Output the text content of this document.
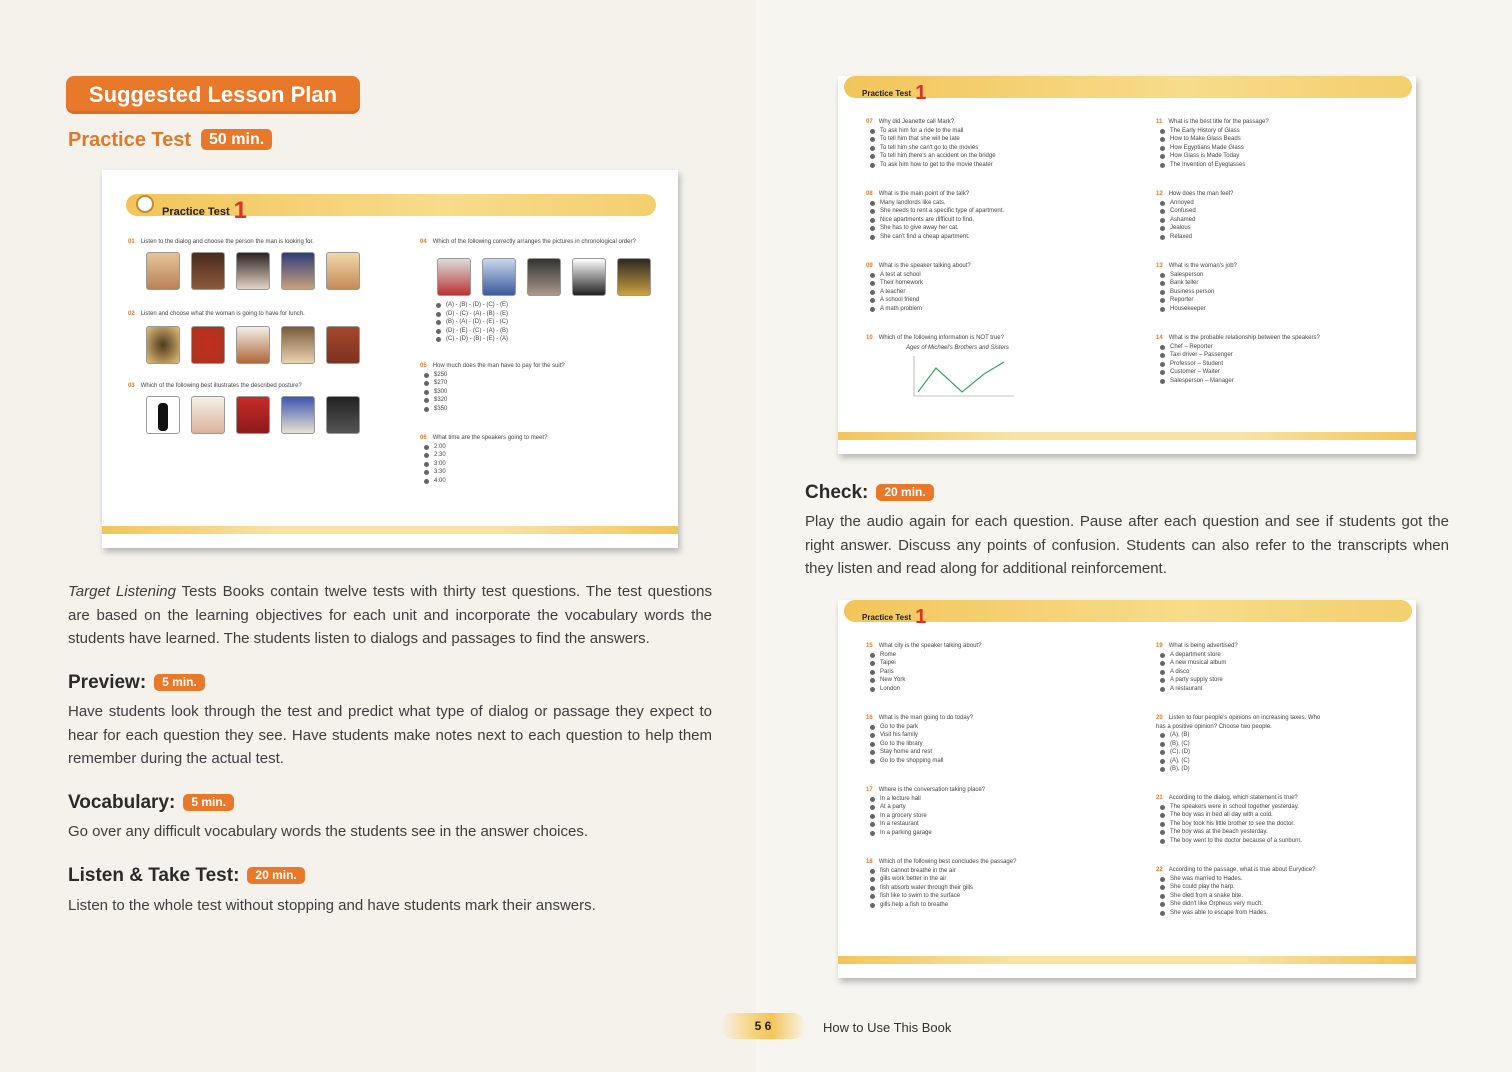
Suggested Lesson Plan
Practice Test 50 min.
Practice Test 1
01 Listen to the dialog and choose the person the man is looking for.
02 Listen and choose what the woman is going to have for lunch.
03 Which of the following best illustrates the described posture?
04 Which of the following correctly arranges the pictures in chronological order?
(A) - (B) - (D) - (C) - (E)
(D) - (C) - (A) - (B) - (E)
(B) - (A) - (D) - (E) - (C)
(D) - (E) - (C) - (A) - (B)
(C) - (D) - (B) - (E) - (A)
05 How much does the man have to pay for the suit?
$250
$270
$300
$320
$350
06 What time are the speakers going to meet?
2:00
2:30
3:00
3:30
4:00
Target Listening Tests Books contain twelve tests with thirty test questions. The test questions are based on the learning objectives for each unit and incorporate the vocabulary words the students have learned. The students listen to dialogs and passages to find the answers.
Preview: 5 min.
Have students look through the test and predict what type of dialog or passage they expect to hear for each question they see. Have students make notes next to each question to help them remember during the actual test.
Vocabulary: 5 min.
Go over any difficult vocabulary words the students see in the answer choices.
Listen & Take Test: 20 min.
Listen to the whole test without stopping and have students mark their answers.
Practice Test 1
07 Why did Jeanette call Mark?
To ask him for a ride to the mall
To tell him that she will be late
To tell him she can't go to the movies
To tell him there's an accident on the bridge
To ask him how to get to the movie theater
08 What is the main point of the talk?
Many landlords like cats.
She needs to rent a specific type of apartment.
Nice apartments are difficult to find.
She has to give away her cat.
She can't find a cheap apartment.
09 What is the speaker talking about?
A test at school
Their homework
A teacher
A school friend
A math problem
10 Which of the following information is NOT true?
Ages of Michael's Brothers and Sisters
11 What is the best title for the passage?
The Early History of Glass
How to Make Glass Beads
How Egyptians Made Glass
How Glass is Made Today
The Invention of Eyeglasses
12 How does the man feel?
Annoyed
Confused
Ashamed
Jealous
Relaxed
13 What is the woman's job?
Salesperson
Bank teller
Business person
Reporter
Housekeeper
14 What is the probable relationship between the speakers?
Chef – Reporter
Taxi driver – Passenger
Professor – Student
Customer – Waiter
Salesperson – Manager
Check: 20 min.
Play the audio again for each question. Pause after each question and see if students got the right answer. Discuss any points of confusion. Students can also refer to the transcripts when they listen and read along for additional reinforcement.
Practice Test 1
15 What city is the speaker talking about?
Rome
Taipei
Paris
New York
London
16 What is the man going to do today?
Go to the park
Visit his family
Go to the library
Stay home and rest
Go to the shopping mall
17 Where is the conversation taking place?
In a lecture hall
At a party
In a grocery store
In a restaurant
In a parking garage
18 Which of the following best concludes the passage?
fish cannot breathe in the air
gills work better in the air
fish absorb water through their gills
fish like to swim to the surface
gills help a fish to breathe
19 What is being advertised?
A department store
A new musical album
A disco
A party supply store
A restaurant
20 Listen to four people's opinions on increasing taxes. Who has a positive opinion? Choose two people.
(A), (B)
(B), (C)
(C), (D)
(A), (C)
(B), (D)
21 According to the dialog, which statement is true?
The speakers were in school together yesterday.
The boy was in bed all day with a cold.
The boy took his little brother to see the doctor.
The boy was at the beach yesterday.
The boy went to the doctor because of a sunburn.
22 According to the passage, what is true about Eurydice?
She was married to Hades.
She could play the harp.
She died from a snake bite.
She didn't like Orpheus very much.
She was able to escape from Hades.
5 6	How to Use This Book
